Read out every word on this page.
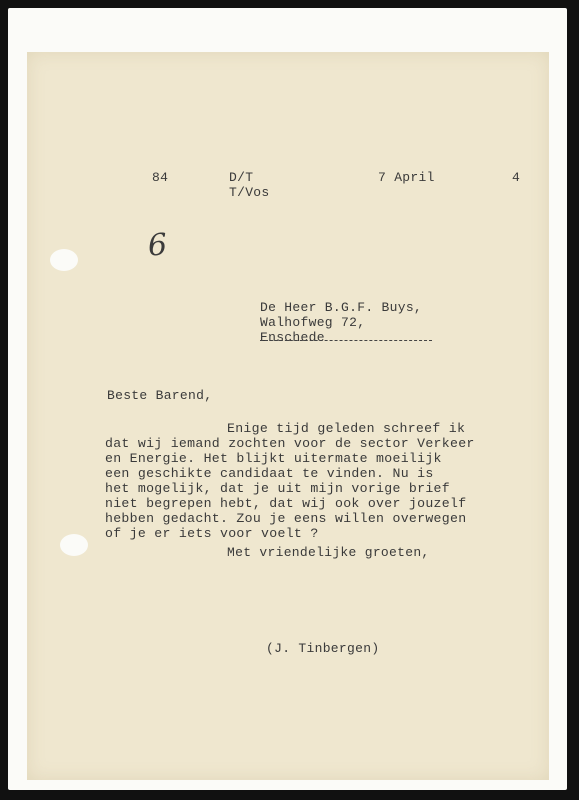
84	D/T
T/Vos
7 April	4
6
De Heer B.G.F. Buys,
Walhofweg 72,
Enschede
Beste Barend,
Enige tijd geleden schreef ik
dat wij iemand zochten voor de sector Verkeer
en Energie. Het blijkt uitermate moeilijk
een geschikte candidaat te vinden. Nu is
het mogelijk, dat je uit mijn vorige brief
niet begrepen hebt, dat wij ook over jouzelf
hebben gedacht. Zou je eens willen overwegen
of je er iets voor voelt ?
Met vriendelijke groeten,
(J. Tinbergen)
